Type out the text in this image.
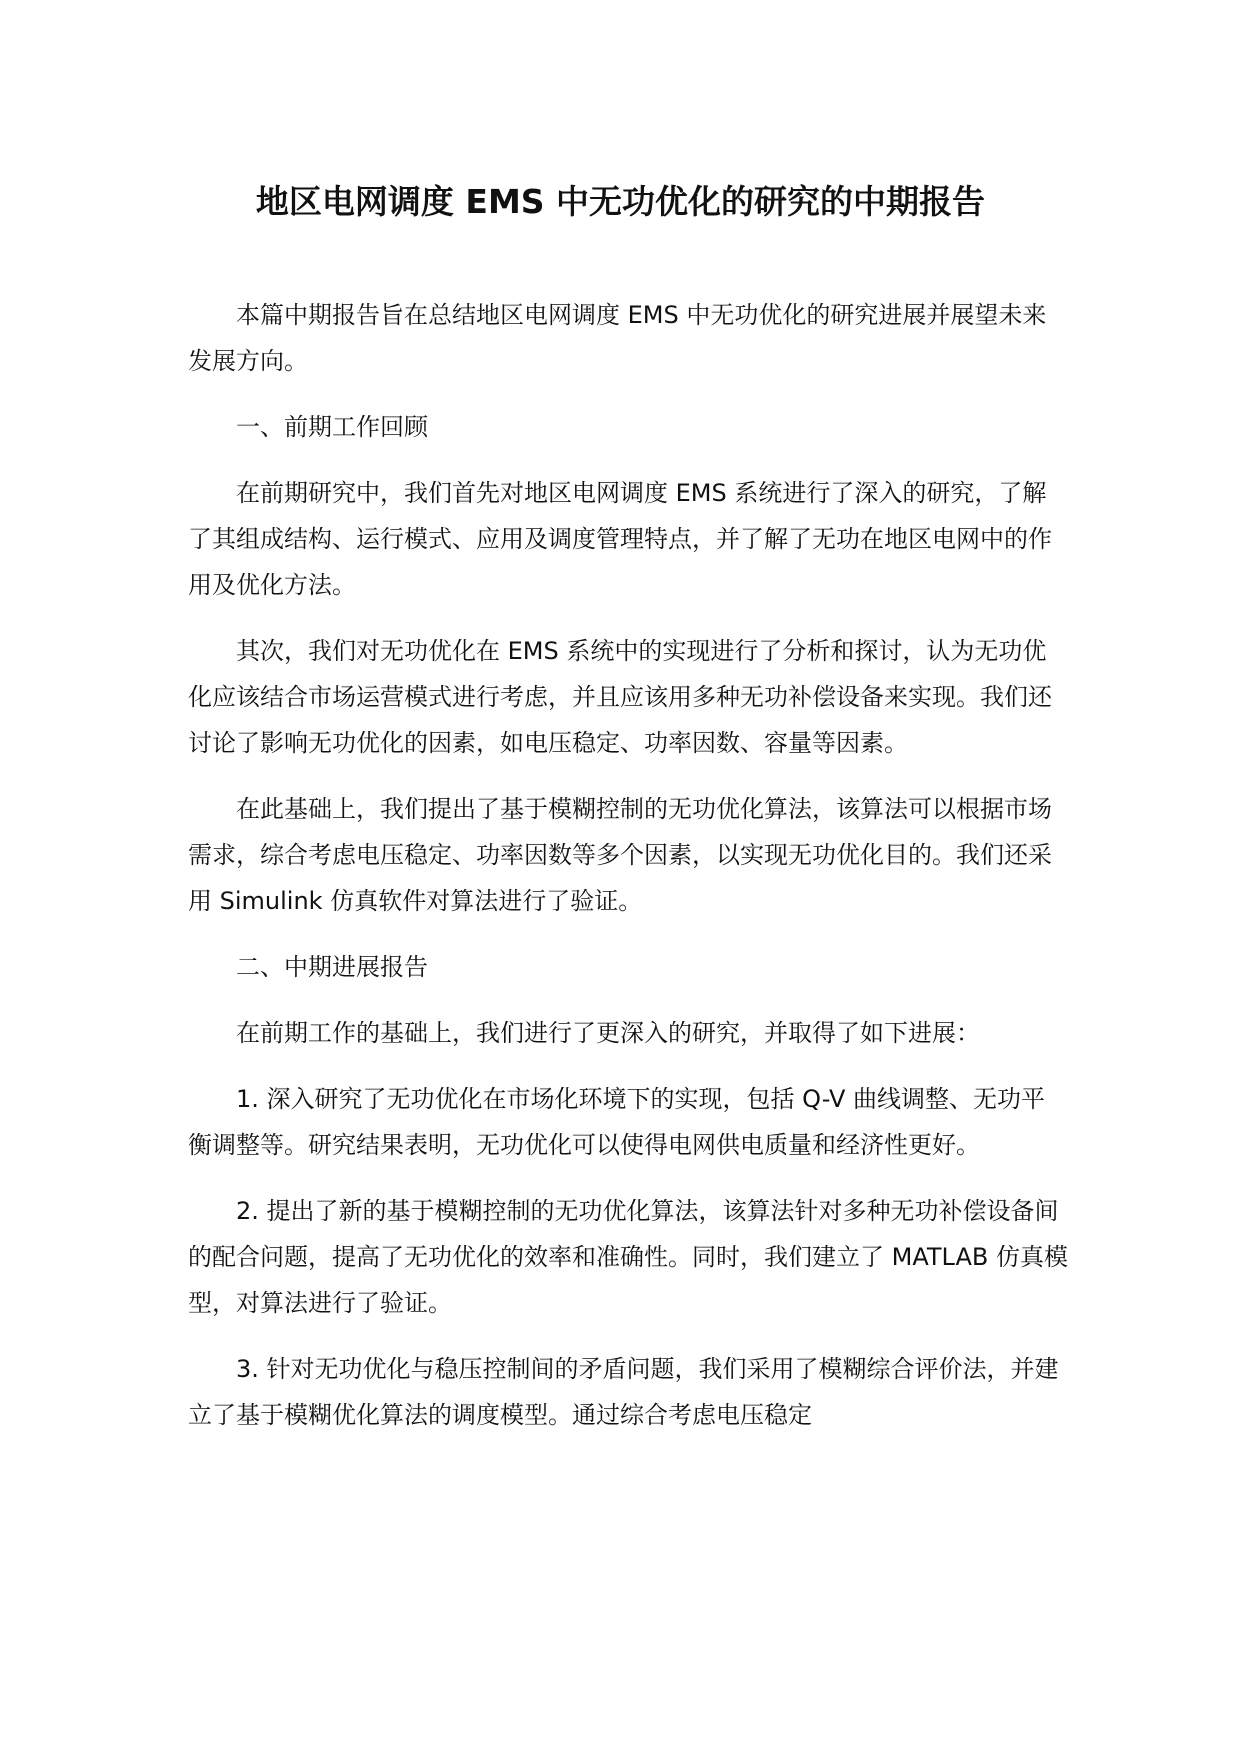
地区电网调度 EMS 中无功优化的研究的中期报告

本篇中期报告旨在总结地区电网调度 EMS 中无功优化的研究进展并展望未来发展方向。

一、前期工作回顾

在前期研究中，我们首先对地区电网调度 EMS 系统进行了深入的研究，了解了其组成结构、运行模式、应用及调度管理特点，并了解了无功在地区电网中的作用及优化方法。

其次，我们对无功优化在 EMS 系统中的实现进行了分析和探讨，认为无功优化应该结合市场运营模式进行考虑，并且应该用多种无功补偿设备来实现。我们还讨论了影响无功优化的因素，如电压稳定、功率因数、容量等因素。

在此基础上，我们提出了基于模糊控制的无功优化算法，该算法可以根据市场需求，综合考虑电压稳定、功率因数等多个因素，以实现无功优化目的。我们还采用 Simulink 仿真软件对算法进行了验证。

二、中期进展报告

在前期工作的基础上，我们进行了更深入的研究，并取得了如下进展：

1. 深入研究了无功优化在市场化环境下的实现，包括 Q-V 曲线调整、无功平衡调整等。研究结果表明，无功优化可以使得电网供电质量和经济性更好。

2. 提出了新的基于模糊控制的无功优化算法，该算法针对多种无功补偿设备间的配合问题，提高了无功优化的效率和准确性。同时，我们建立了 MATLAB 仿真模型，对算法进行了验证。

3. 针对无功优化与稳压控制间的矛盾问题，我们采用了模糊综合评价法，并建立了基于模糊优化算法的调度模型。通过综合考虑电压稳定
